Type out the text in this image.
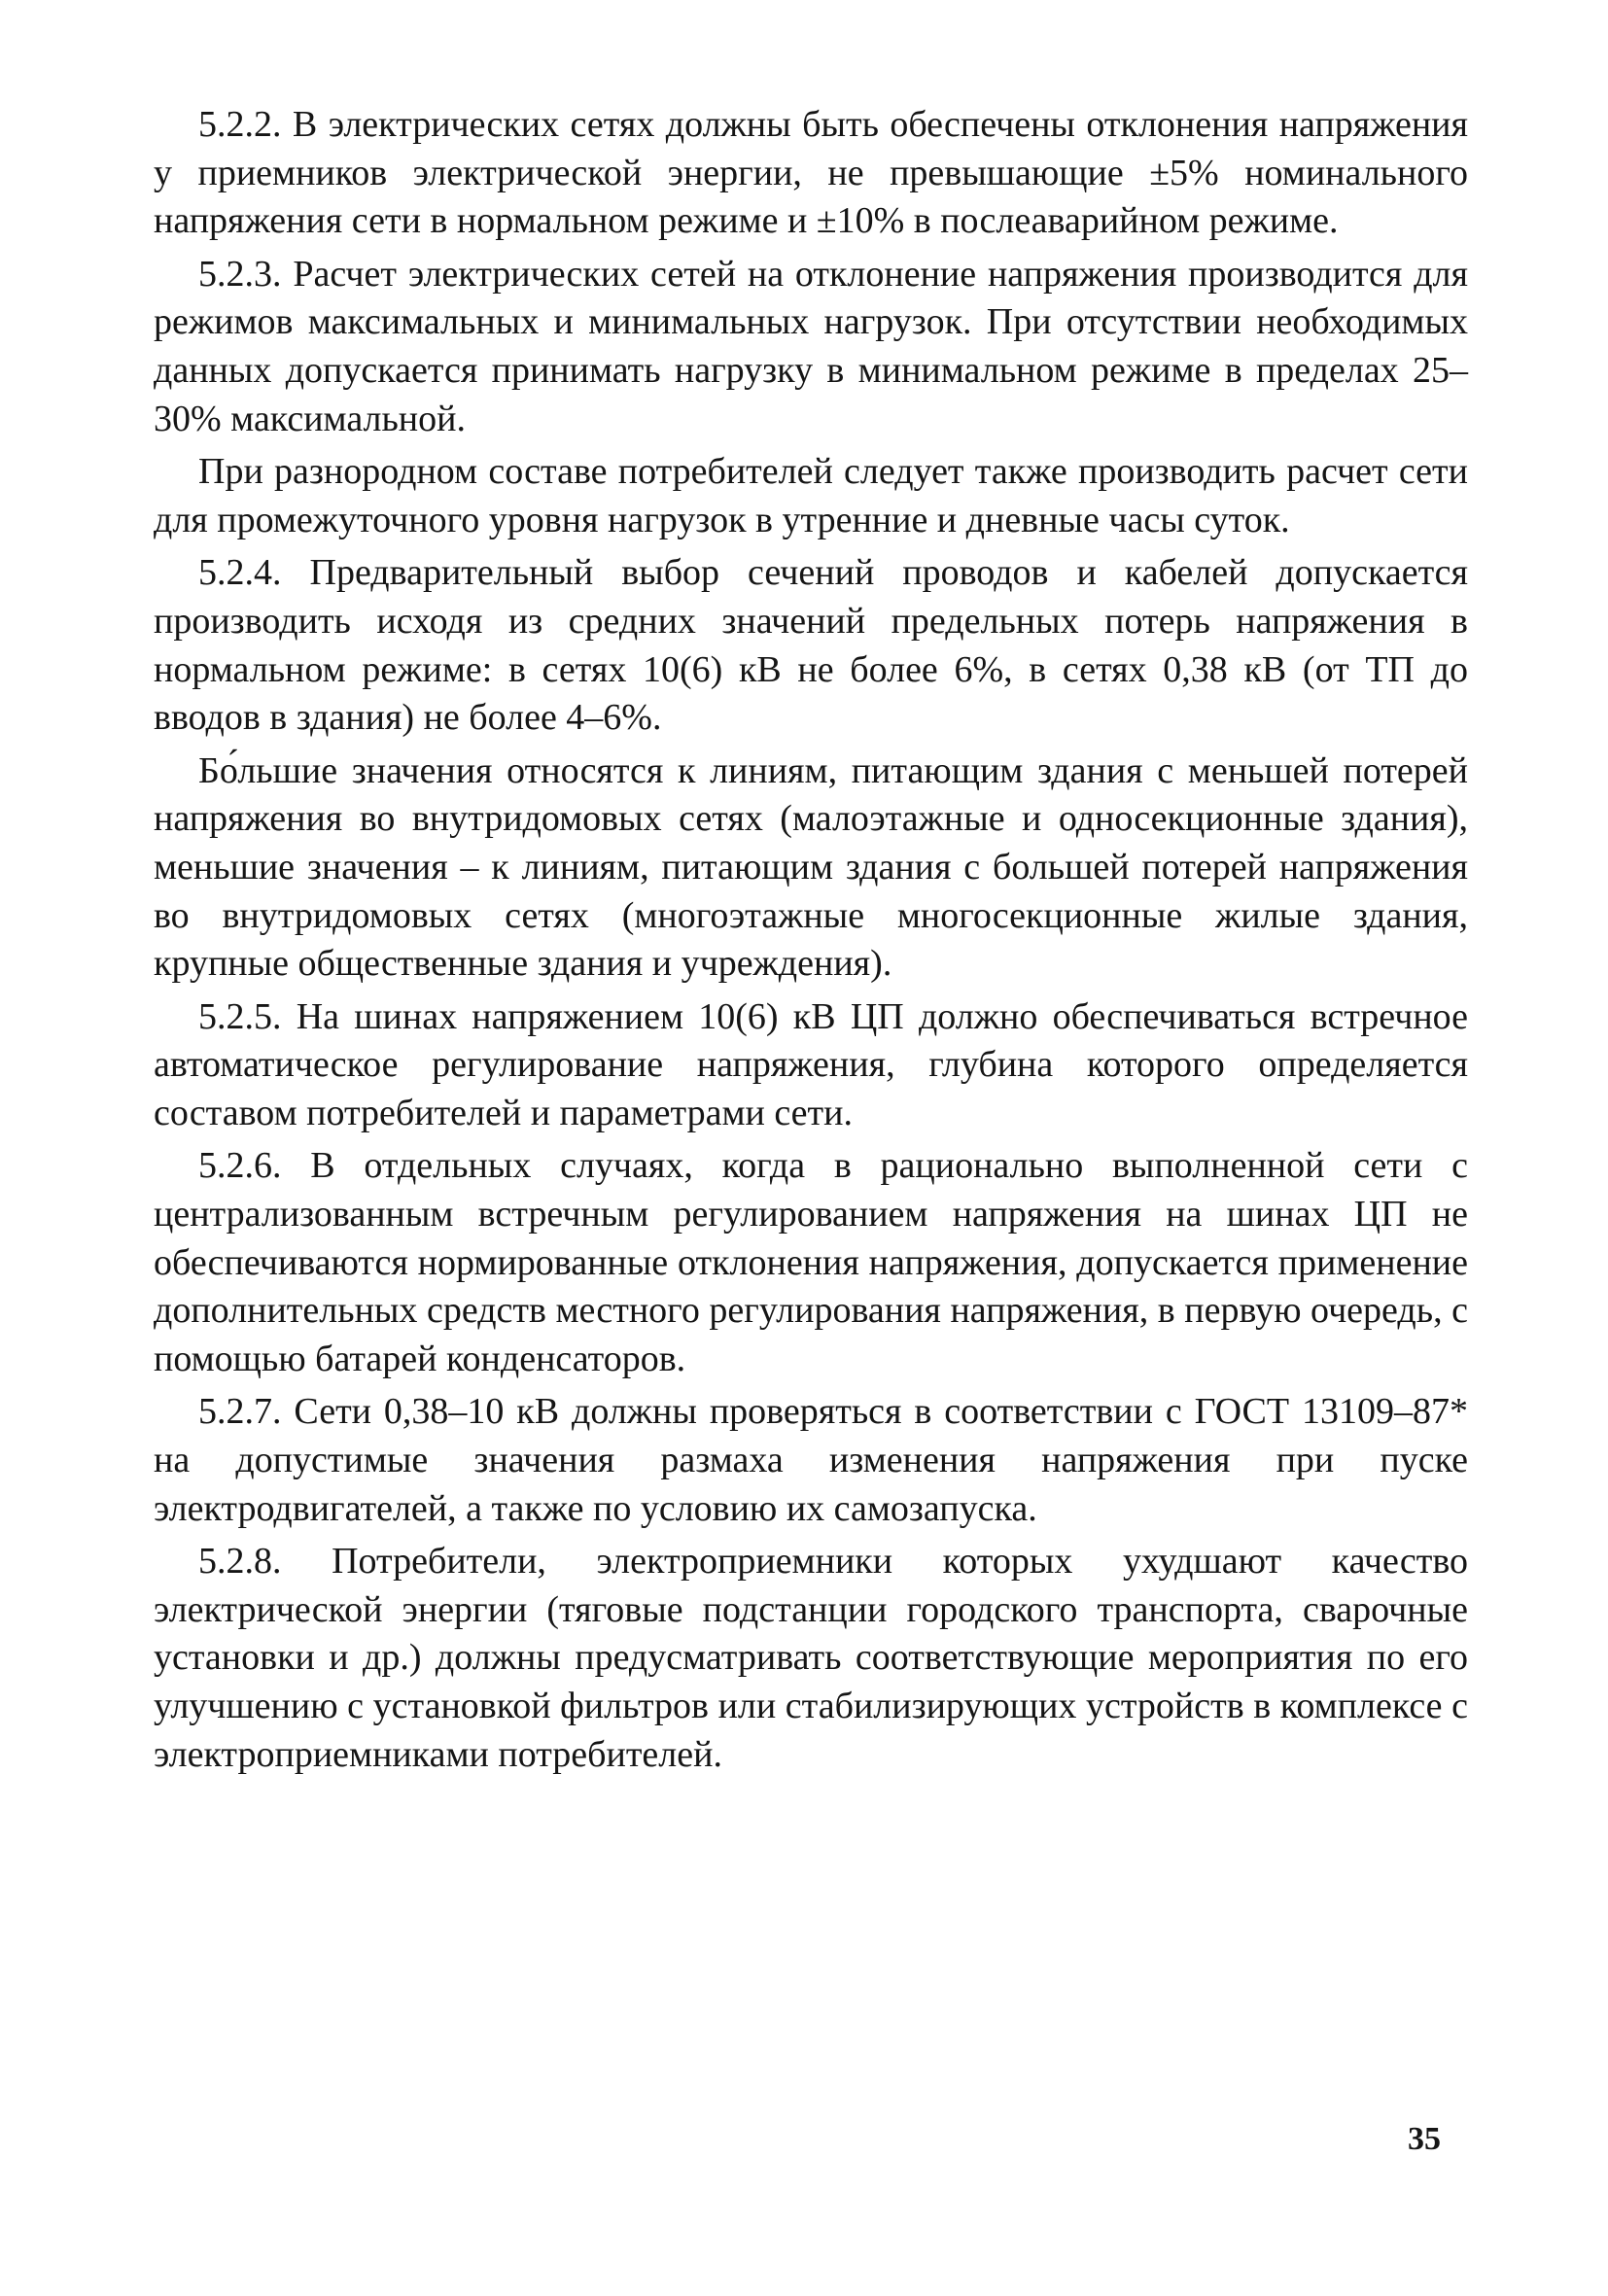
5.2.2. В электрических сетях должны быть обеспечены отклонения напряжения у приемников электрической энергии, не превышающие ±5% номинального напряжения сети в нормальном режиме и ±10% в послеаварийном режиме.

5.2.3. Расчет электрических сетей на отклонение напряжения производится для режимов максимальных и минимальных нагрузок. При отсутствии необходимых данных допускается принимать нагрузку в минимальном режиме в пределах 25–30% максимальной.

При разнородном составе потребителей следует также производить расчет сети для промежуточного уровня нагрузок в утренние и дневные часы суток.

5.2.4. Предварительный выбор сечений проводов и кабелей допускается производить исходя из средних значений предельных потерь напряжения в нормальном режиме: в сетях 10(6) кВ не более 6%, в сетях 0,38 кВ (от ТП до вводов в здания) не более 4–6%.

Бо́льшие значения относятся к линиям, питающим здания с меньшей потерей напряжения во внутридомовых сетях (малоэтажные и односекционные здания), меньшие значения – к линиям, питающим здания с большей потерей напряжения во внутридомовых сетях (многоэтажные многосекционные жилые здания, крупные общественные здания и учреждения).

5.2.5. На шинах напряжением 10(6) кВ ЦП должно обеспечиваться встречное автоматическое регулирование напряжения, глубина которого определяется составом потребителей и параметрами сети.

5.2.6. В отдельных случаях, когда в рационально выполненной сети с централизованным встречным регулированием напряжения на шинах ЦП не обеспечиваются нормированные отклонения напряжения, допускается применение дополнительных средств местного регулирования напряжения, в первую очередь, с помощью батарей конденсаторов.

5.2.7. Сети 0,38–10 кВ должны проверяться в соответствии с ГОСТ 13109–87* на допустимые значения размаха изменения напряжения при пуске электродвигателей, а также по условию их самозапуска.

5.2.8. Потребители, электроприемники которых ухудшают качество электрической энергии (тяговые подстанции городского транспорта, сварочные установки и др.) должны предусматривать соответствующие мероприятия по его улучшению с установкой фильтров или стабилизирующих устройств в комплексе с электроприемниками потребителей.

35
